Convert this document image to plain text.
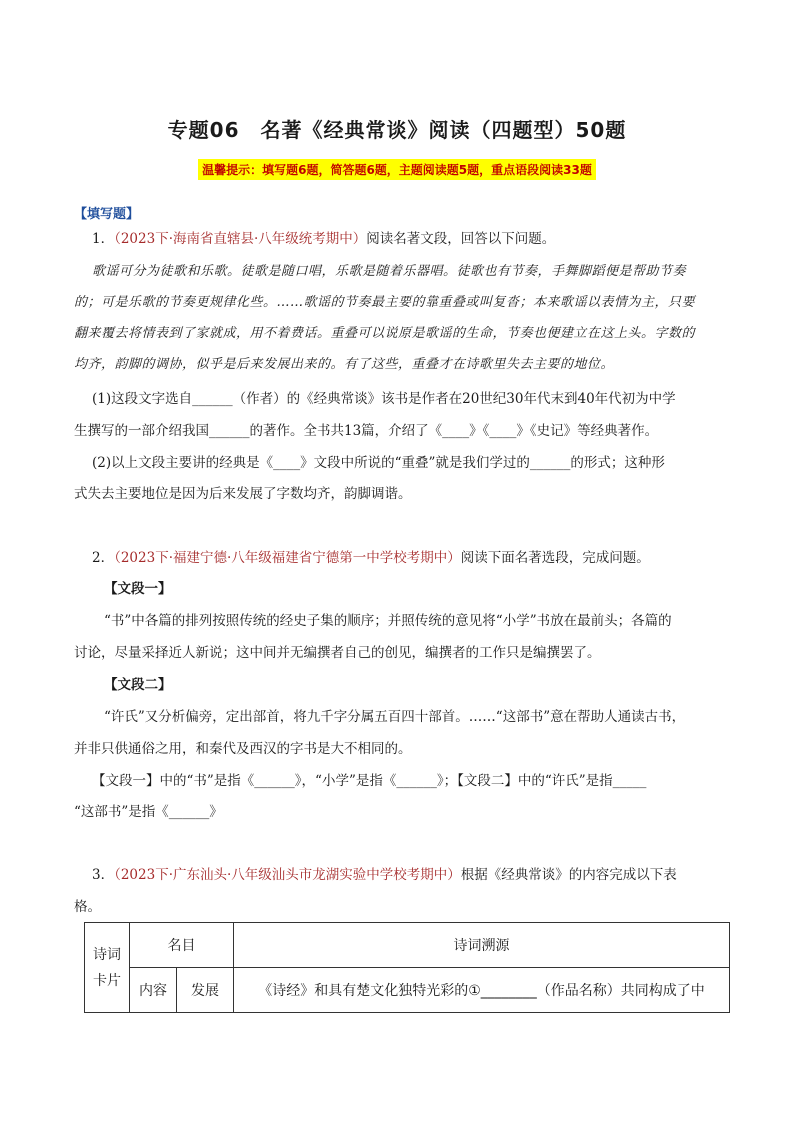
专题06　名著《经典常谈》阅读（四题型）50题
温馨提示：填写题6题，简答题6题，主题阅读题5题，重点语段阅读33题
【填写题】
1．（2023下·海南省直辖县·八年级统考期中）阅读名著文段，回答以下问题。
歌谣可分为徒歌和乐歌。徒歌是随口唱，乐歌是随着乐器唱。徒歌也有节奏，手舞脚蹈便是帮助节奏
的；可是乐歌的节奏更规律化些。……歌谣的节奏最主要的靠重叠或叫复沓；本来歌谣以表情为主，只要
翻来覆去将情表到了家就成，用不着费话。重叠可以说原是歌谣的生命，节奏也便建立在这上头。字数的
均齐，韵脚的调协，似乎是后来发展出来的。有了这些，重叠才在诗歌里失去主要的地位。
(1)这段文字选自______（作者）的《经典常谈》该书是作者在20世纪30年代末到40年代初为中学
生撰写的一部介绍我国______的著作。全书共13篇，介绍了《____》《____》《史记》等经典著作。
(2)以上文段主要讲的经典是《____》文段中所说的“重叠”就是我们学过的______的形式；这种形
式失去主要地位是因为后来发展了字数均齐，韵脚调谐。
2．（2023下·福建宁德·八年级福建省宁德第一中学校考期中）阅读下面名著选段，完成问题。
【文段一】
“书”中各篇的排列按照传统的经史子集的顺序；并照传统的意见将“小学”书放在最前头；各篇的
讨论，尽量采择近人新说；这中间并无编撰者自己的创见，编撰者的工作只是编撰罢了。
【文段二】
“许氏”又分析偏旁，定出部首，将九千字分属五百四十部首。……“这部书”意在帮助人通读古书，
并非只供通俗之用，和秦代及西汉的字书是大不相同的。
【文段一】中的“书”是指《______》，“小学”是指《______》；【文段二】中的“许氏”是指_____
“这部书”是指《______》
3．（2023下·广东汕头·八年级汕头市龙湖实验中学校考期中）根据《经典常谈》的内容完成以下表
格。
诗词卡片	名目		诗词溯源
	内容	发展	《诗经》和具有楚文化独特光彩的①________（作品名称）共同构成了中
